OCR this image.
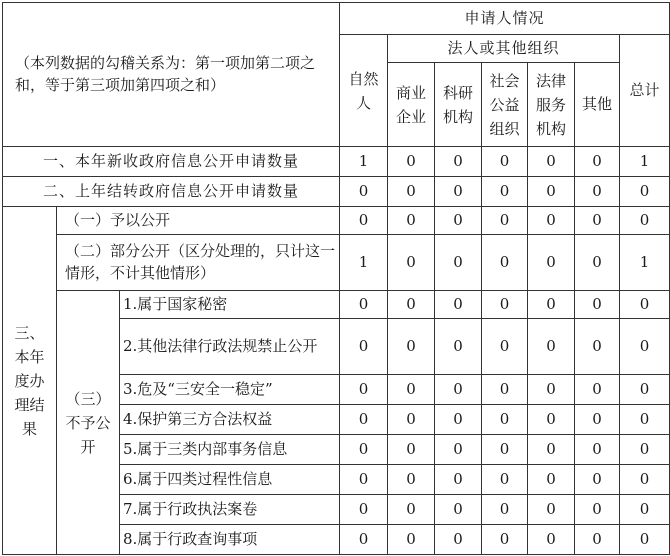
（本列数据的勾稽关系为：第一项加第二项之和，等于第三项加第四项之和）			申请人情况						
			自然人	法人或其他组织					总计
				商业企业	科研机构	社会公益组织	法律服务机构	其他	
一、本年新收政府信息公开申请数量			1	0	0	0	0	0	1
二、上年结转政府信息公开申请数量			0	0	0	0	0	0	0
三、本年度办理结果	（一）予以公开		0	0	0	0	0	0	0
	（二）部分公开（区分处理的，只计这一情形，不计其他情形）		1	0	0	0	0	0	1
	（三）不予公开	1.属于国家秘密	0	0	0	0	0	0	0
		2.其他法律行政法规禁止公开	0	0	0	0	0	0	0
		3.危及“三安全一稳定”	0	0	0	0	0	0	0
		4.保护第三方合法权益	0	0	0	0	0	0	0
		5.属于三类内部事务信息	0	0	0	0	0	0	0
		6.属于四类过程性信息	0	0	0	0	0	0	0
		7.属于行政执法案卷	0	0	0	0	0	0	0
		8.属于行政查询事项	0	0	0	0	0	0	0
